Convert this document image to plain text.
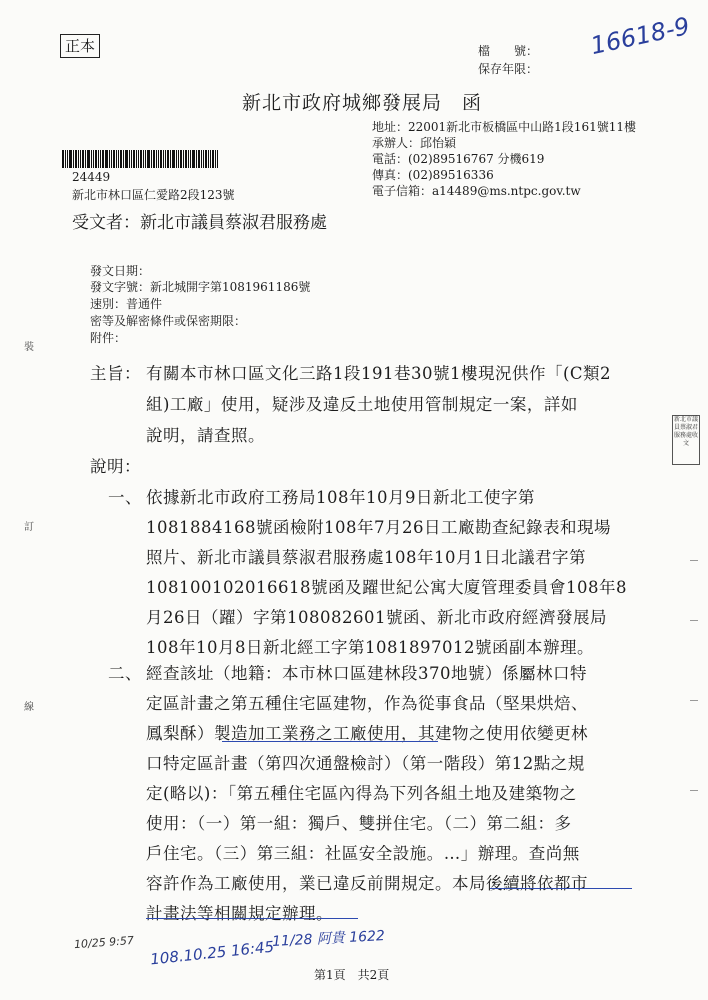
正本	檔　　號：
保存年限：
16618-9
新北市政府城鄉發展局　函
地址：22001新北市板橋區中山路1段161號11樓
承辦人：邱怡穎
電話：(02)89516767 分機619
傳真：(02)89516336
電子信箱：a14489@ms.ntpc.gov.tw
24449
新北市林口區仁愛路2段123號
受文者：新北市議員蔡淑君服務處
發文日期：
發文字號：新北城開字第1081961186號
速別：普通件
密等及解密條件或保密期限：
附件：
主旨： 有關本市林口區文化三路1段191巷30號1樓現況供作「(C類2
組)工廠」使用，疑涉及違反土地使用管制規定一案，詳如
說明，請查照。
說明：
一、 依據新北市政府工務局108年10月9日新北工使字第
1081884168號函檢附108年7月26日工廠勘查紀錄表和現場
照片、新北市議員蔡淑君服務處108年10月1日北議君字第
108100102016618號函及躍世紀公寓大廈管理委員會108年8
月26日（躍）字第108082601號函、新北市政府經濟發展局
108年10月8日新北經工字第1081897012號函副本辦理。
二、 經查該址（地籍：本市林口區建林段370地號）係屬林口特
定區計畫之第五種住宅區建物，作為從事食品（堅果烘焙、
鳳梨酥）製造加工業務之工廠使用，其建物之使用依變更林
口特定區計畫（第四次通盤檢討）（第一階段）第12點之規
定(略以)：「第五種住宅區內得為下列各組土地及建築物之
使用：（一）第一組：獨戶、雙拼住宅。（二）第二組：多
戶住宅。（三）第三組：社區安全設施。…」辦理。查尚無
容許作為工廠使用，業已違反前開規定。本局後續將依都市
計畫法等相關規定辦理。
裝
訂
線
新北市議員蔡淑君服務處收文
10/25 9:57 108.10.25 16:45
11/28 阿貴 1622
第1頁　共2頁
